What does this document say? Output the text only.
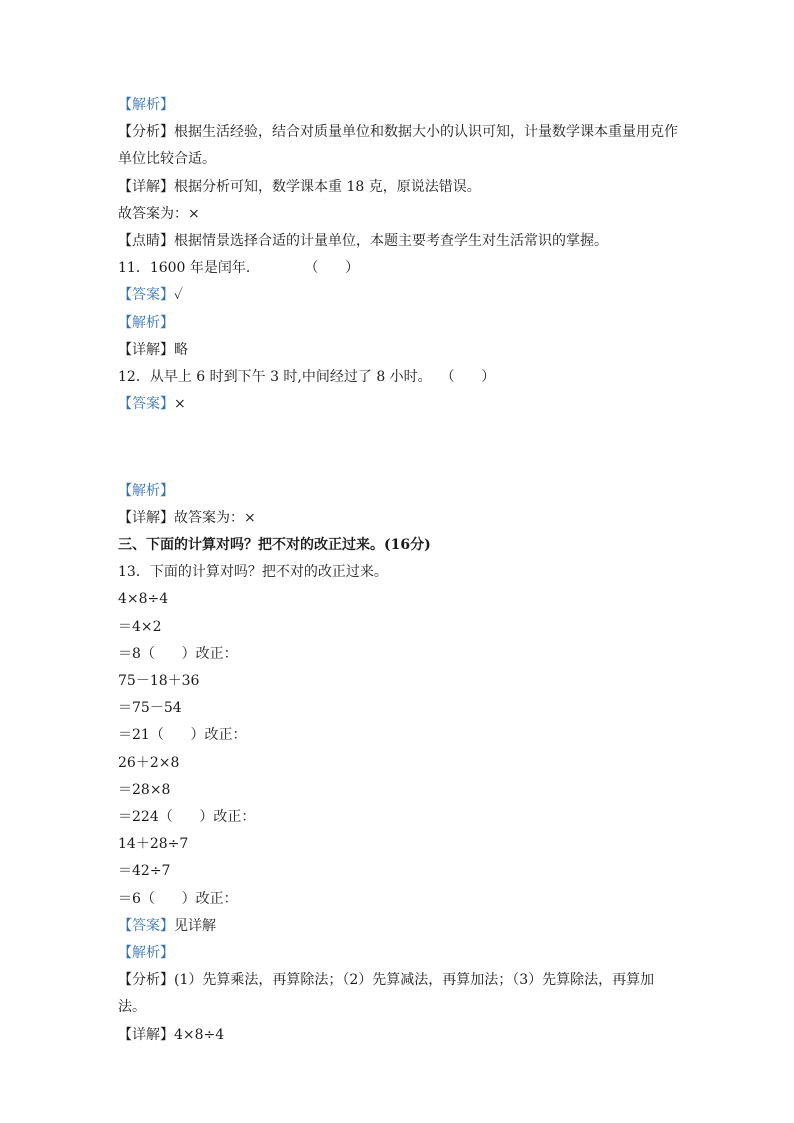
【解析】

【分析】根据生活经验，结合对质量单位和数据大小的认识可知，计量数学课本重量用克作单位比较合适。

【详解】根据分析可知，数学课本重 18 克，原说法错误。

故答案为：×

【点睛】根据情景选择合适的计量单位，本题主要考查学生对生活常识的掌握。

11．1600 年是闰年．          （      ）

【答案】✓

【解析】

【详解】略

12．从早上 6 时到下午 3 时,中间经过了 8 小时。  （      ）

【答案】×

【解析】

【详解】故答案为：×

三、下面的计算对吗？把不对的改正过来。(16分)

13．下面的计算对吗？把不对的改正过来。

4×8÷4

＝4×2

＝8（      ）改正：

75－18＋36

＝75－54

＝21（      ）改正：

26＋2×8

＝28×8

＝224（      ）改正：

14＋28÷7

＝42÷7

＝6（      ）改正：

【答案】见详解

【解析】

【分析】(1）先算乘法，再算除法；（2）先算减法，再算加法；（3）先算除法，再算加法。

【详解】4×8÷4
